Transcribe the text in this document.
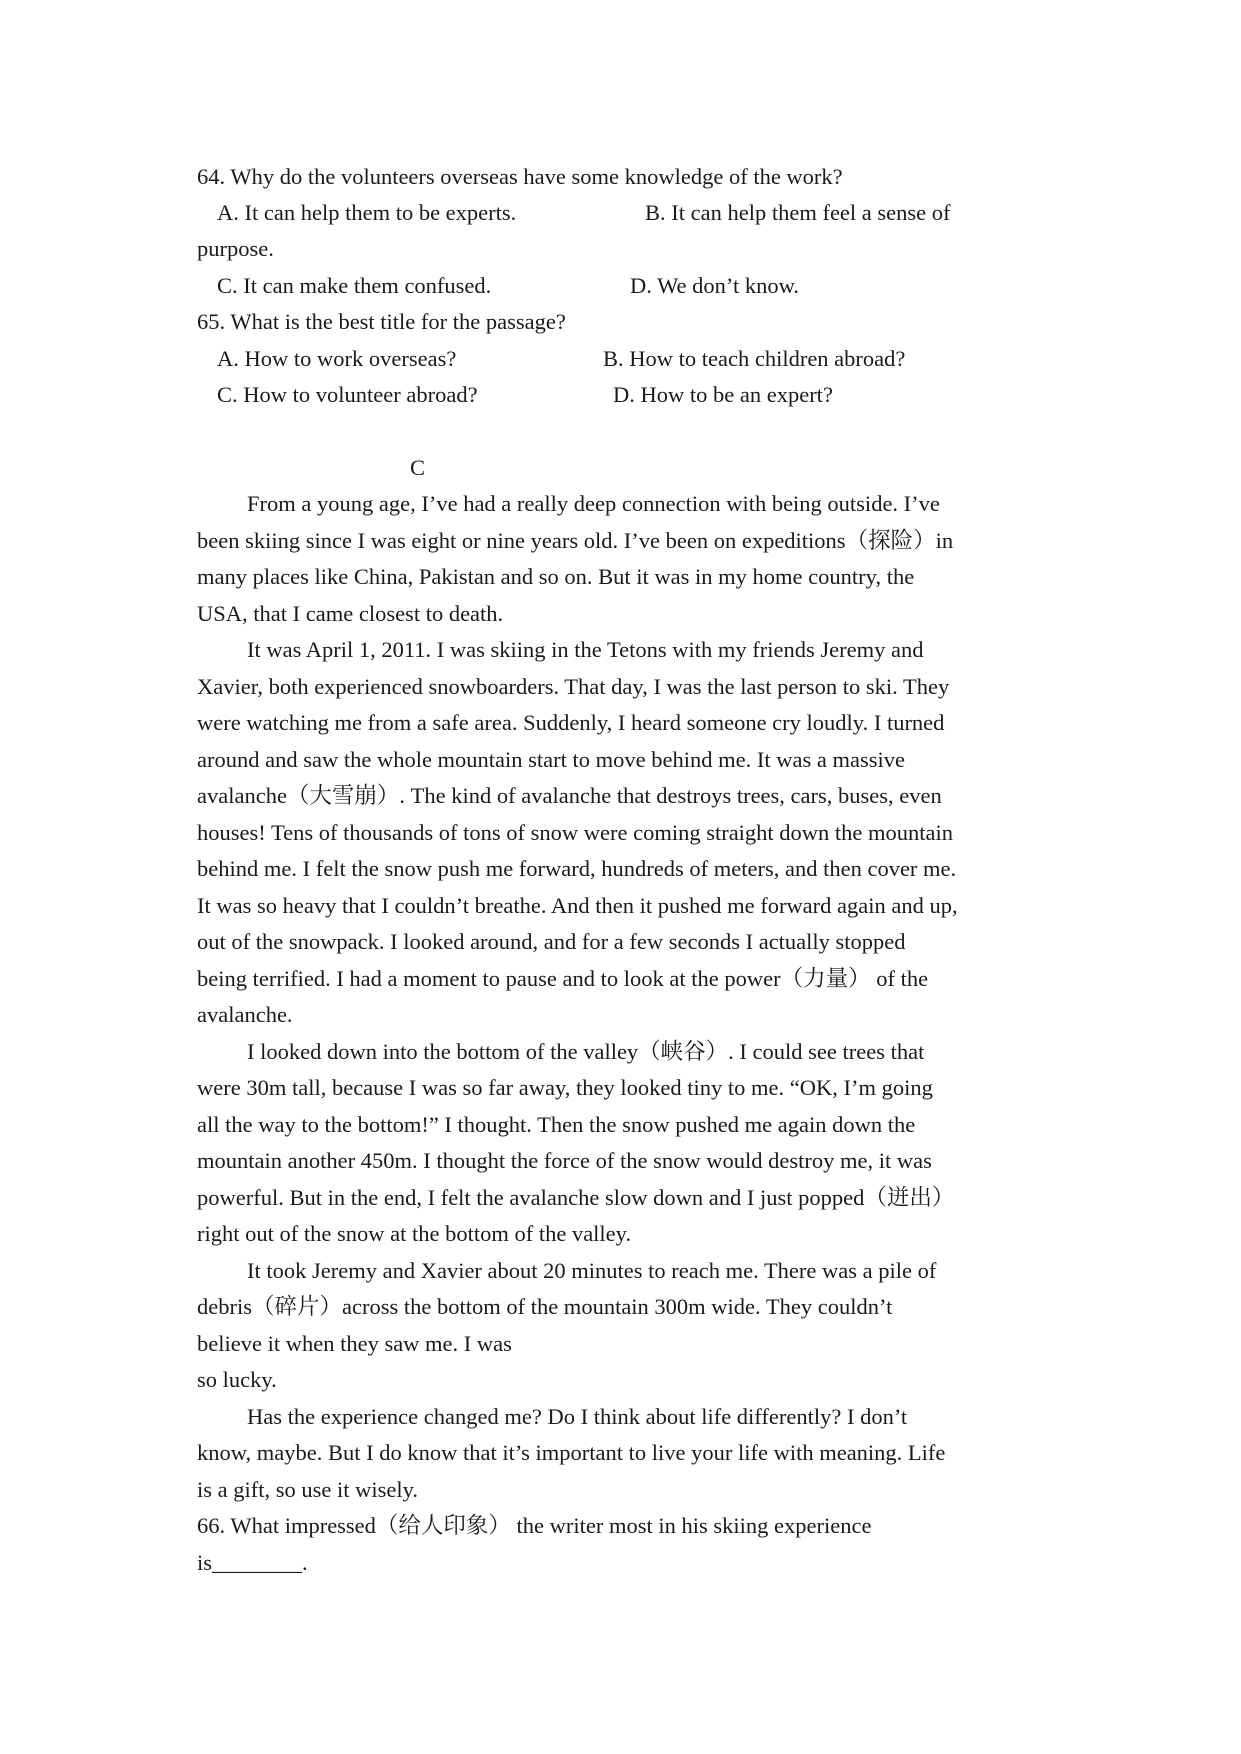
64. Why do the volunteers overseas have some knowledge of the work?
A. It can help them to be experts.	B. It can help them feel a sense of
purpose.
C. It can make them confused.	D. We don’t know.
65. What is the best title for the passage?
A. How to work overseas?	B. How to teach children abroad?
C. How to volunteer abroad?	D. How to be an expert?
C
From a young age, I’ve had a really deep connection with being outside. I’ve
been skiing since I was eight or nine years old. I’ve been on expeditions（探险）in
many places like China, Pakistan and so on. But it was in my home country, the
USA, that I came closest to death.
It was April 1, 2011. I was skiing in the Tetons with my friends Jeremy and
Xavier, both experienced snowboarders. That day, I was the last person to ski. They
were watching me from a safe area. Suddenly, I heard someone cry loudly. I turned
around and saw the whole mountain start to move behind me. It was a massive
avalanche（大雪崩）. The kind of avalanche that destroys trees, cars, buses, even
houses! Tens of thousands of tons of snow were coming straight down the mountain
behind me. I felt the snow push me forward, hundreds of meters, and then cover me.
It was so heavy that I couldn’t breathe. And then it pushed me forward again and up,
out of the snowpack. I looked around, and for a few seconds I actually stopped
being terrified. I had a moment to pause and to look at the power（力量） of the
avalanche.
I looked down into the bottom of the valley（峡谷）. I could see trees that
were 30m tall, because I was so far away, they looked tiny to me. “OK, I’m going
all the way to the bottom!” I thought. Then the snow pushed me again down the
mountain another 450m. I thought the force of the snow would destroy me, it was
powerful. But in the end, I felt the avalanche slow down and I just popped（迸出）
right out of the snow at the bottom of the valley.
It took Jeremy and Xavier about 20 minutes to reach me. There was a pile of
debris（碎片）across the bottom of the mountain 300m wide. They couldn’t
believe it when they saw me. I was
so lucky.
Has the experience changed me? Do I think about life differently? I don’t
know, maybe. But I do know that it’s important to live your life with meaning. Life
is a gift, so use it wisely.
66. What impressed（给人印象） the writer most in his skiing experience
is________.
